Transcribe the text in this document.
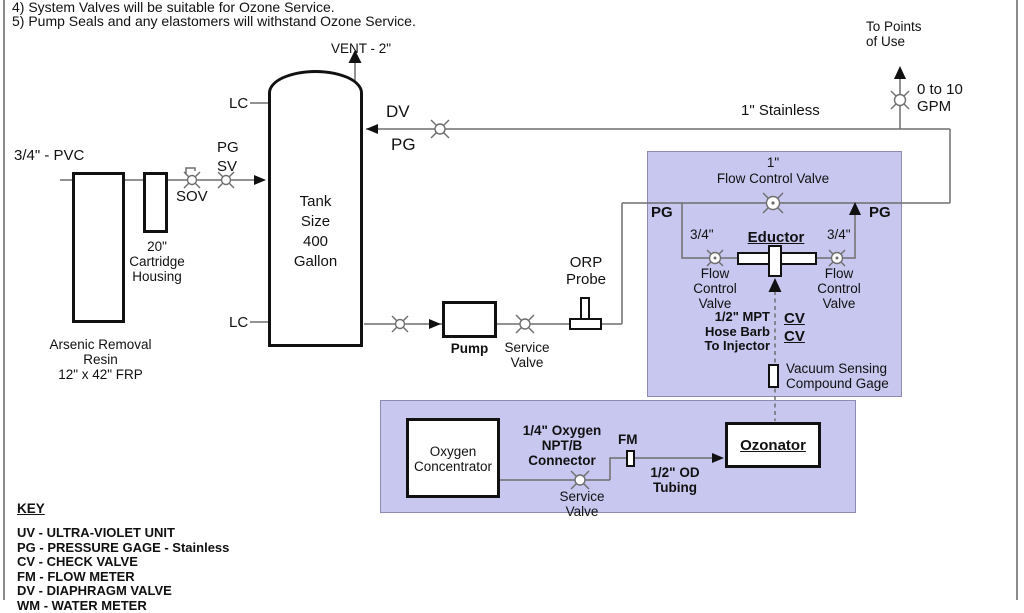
4) System Valves will be suitable for Ozone Service.
5) Pump Seals and any elastomers will withstand Ozone Service.
VENT - 2"
LC
LC
Tank
Size
400
Gallon
3/4" - PVC
Arsenic Removal
Resin
12" x 42" FRP
20"
Cartridge
Housing
SOV
PG
SV
DV
PG
1" Stainless
To Points
of Use
0 to 10
GPM
Pump	Service
Valve
ORP
Probe
1"
Flow Control Valve
PG	PG
3/4"	3/4"
Eductor
Flow
Control
Valve
Flow
Control
Valve
1/2" MPT
Hose Barb
To Injector
CV
CV
Vacuum Sensing
Compound Gage
Oxygen
Concentrator
1/4" Oxygen
NPT/B
Connector
Service
Valve
FM
1/2" OD
Tubing
Ozonator
KEY
UV - ULTRA-VIOLET UNIT
PG - PRESSURE GAGE - Stainless
CV - CHECK VALVE
FM - FLOW METER
DV - DIAPHRAGM VALVE
WM - WATER METER
